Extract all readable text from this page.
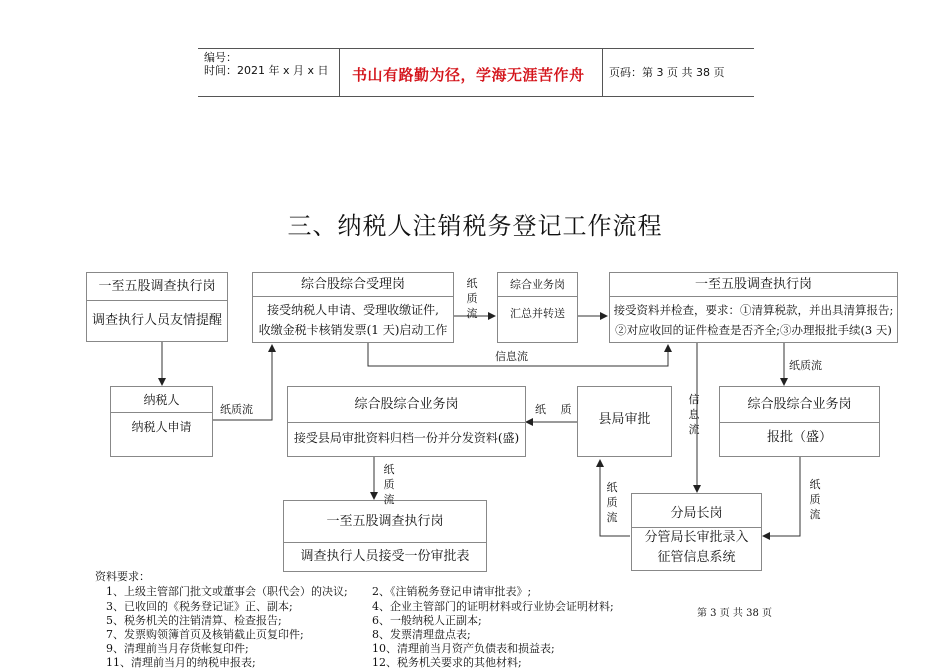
编号：
时间：2021 年 x 月 x 日 书山有路勤为径，学海无涯苦作舟 页码：第 3 页 共 38 页
三、纳税人注销税务登记工作流程
一至五股调查执行岗
调查执行人员友情提醒
综合股综合受理岗
接受纳税人申请、受理收缴证件,
收缴金税卡核销发票(1 天)启动工作
综合业务岗
汇总并转送
一至五股调查执行岗
接受资料并检查，要求：①清算税款，并出具清算报告;
②对应收回的证件检查是否齐全;③办理报批手续(3 天)
纳税人
纳税人申请
综合股综合业务岗
接受县局审批资料归档一份并分发资料(盛)
县局审批
综合股综合业务岗
报批（盛）
一至五股调查执行岗
调查执行人员接受一份审批表
分局长岗
分管局长审批录入
征管信息系统
纸质流
信息流
纸质流
纸 　质
纸
质
流
信
息
流
纸
质
流
纸
质
流
纸
质
流
资料要求：
1、上级主管部门批文或董事会（职代会）的决议;
3、已收回的《税务登记证》正、副本;
5、税务机关的注销清算、检查报告;
7、发票购领簿首页及核销截止页复印件;
9、清理前当月存货帐复印件;
11、清理前当月的纳税申报表;
2、《注销税务登记申请审批表》;
4、企业主管部门的证明材料或行业协会证明材料;
6、一般纳税人正副本;
8、发票清理盘点表;
10、清理前当月资产负债表和损益表;
12、税务机关要求的其他材料;
第 3 页 共 38 页
